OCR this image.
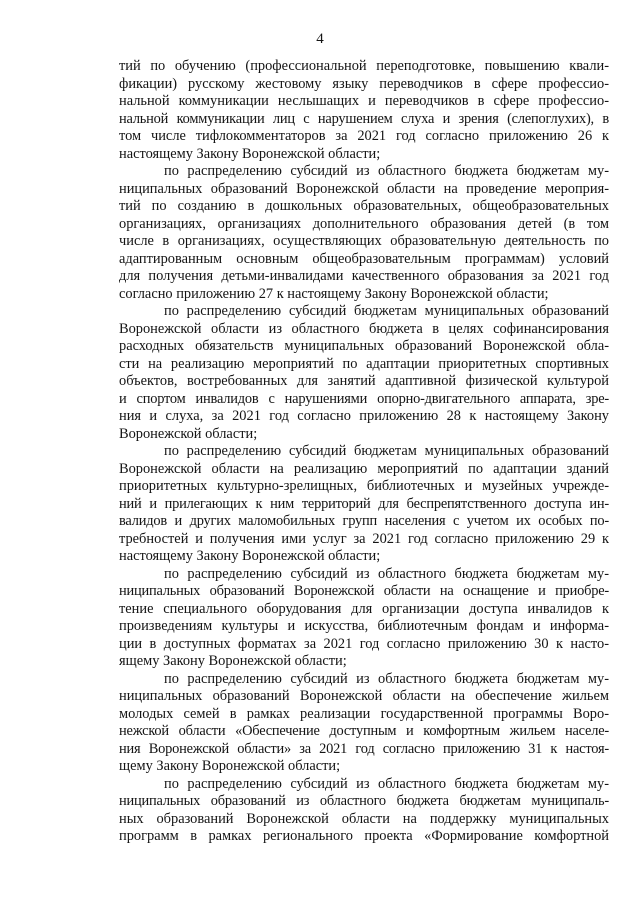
4
тий по обучению (профессиональной переподготовке, повышению квали-
фикации) русскому жестовому языку переводчиков в сфере профессио-
нальной коммуникации неслышащих и переводчиков в сфере профессио-
нальной коммуникации лиц с нарушением слуха и зрения (слепоглухих), в
том числе тифлокомментаторов за 2021 год согласно приложению 26 к
настоящему Закону Воронежской области;
по распределению субсидий из областного бюджета бюджетам му-
ниципальных образований Воронежской области на проведение мероприя-
тий по созданию в дошкольных образовательных, общеобразовательных
организациях, организациях дополнительного образования детей (в том
числе в организациях, осуществляющих образовательную деятельность по
адаптированным основным общеобразовательным программам) условий
для получения детьми-инвалидами качественного образования за 2021 год
согласно приложению 27 к настоящему Закону Воронежской области;
по распределению субсидий бюджетам муниципальных образований
Воронежской области из областного бюджета в целях софинансирования
расходных обязательств муниципальных образований Воронежской обла-
сти на реализацию мероприятий по адаптации приоритетных спортивных
объектов, востребованных для занятий адаптивной физической культурой
и спортом инвалидов с нарушениями опорно-двигательного аппарата, зре-
ния и слуха, за 2021 год согласно приложению 28 к настоящему Закону
Воронежской области;
по распределению субсидий бюджетам муниципальных образований
Воронежской области на реализацию мероприятий по адаптации зданий
приоритетных культурно-зрелищных, библиотечных и музейных учрежде-
ний и прилегающих к ним территорий для беспрепятственного доступа ин-
валидов и других маломобильных групп населения с учетом их особых по-
требностей и получения ими услуг за 2021 год согласно приложению 29 к
настоящему Закону Воронежской области;
по распределению субсидий из областного бюджета бюджетам му-
ниципальных образований Воронежской области на оснащение и приобре-
тение специального оборудования для организации доступа инвалидов к
произведениям культуры и искусства, библиотечным фондам и информа-
ции в доступных форматах за 2021 год согласно приложению 30 к насто-
ящему Закону Воронежской области;
по распределению субсидий из областного бюджета бюджетам му-
ниципальных образований Воронежской области на обеспечение жильем
молодых семей в рамках реализации государственной программы Воро-
нежской области «Обеспечение доступным и комфортным жильем населе-
ния Воронежской области» за 2021 год согласно приложению 31 к настоя-
щему Закону Воронежской области;
по распределению субсидий из областного бюджета бюджетам му-
ниципальных образований из областного бюджета бюджетам муниципаль-
ных образований Воронежской области на поддержку муниципальных
программ в рамках регионального проекта «Формирование комфортной
